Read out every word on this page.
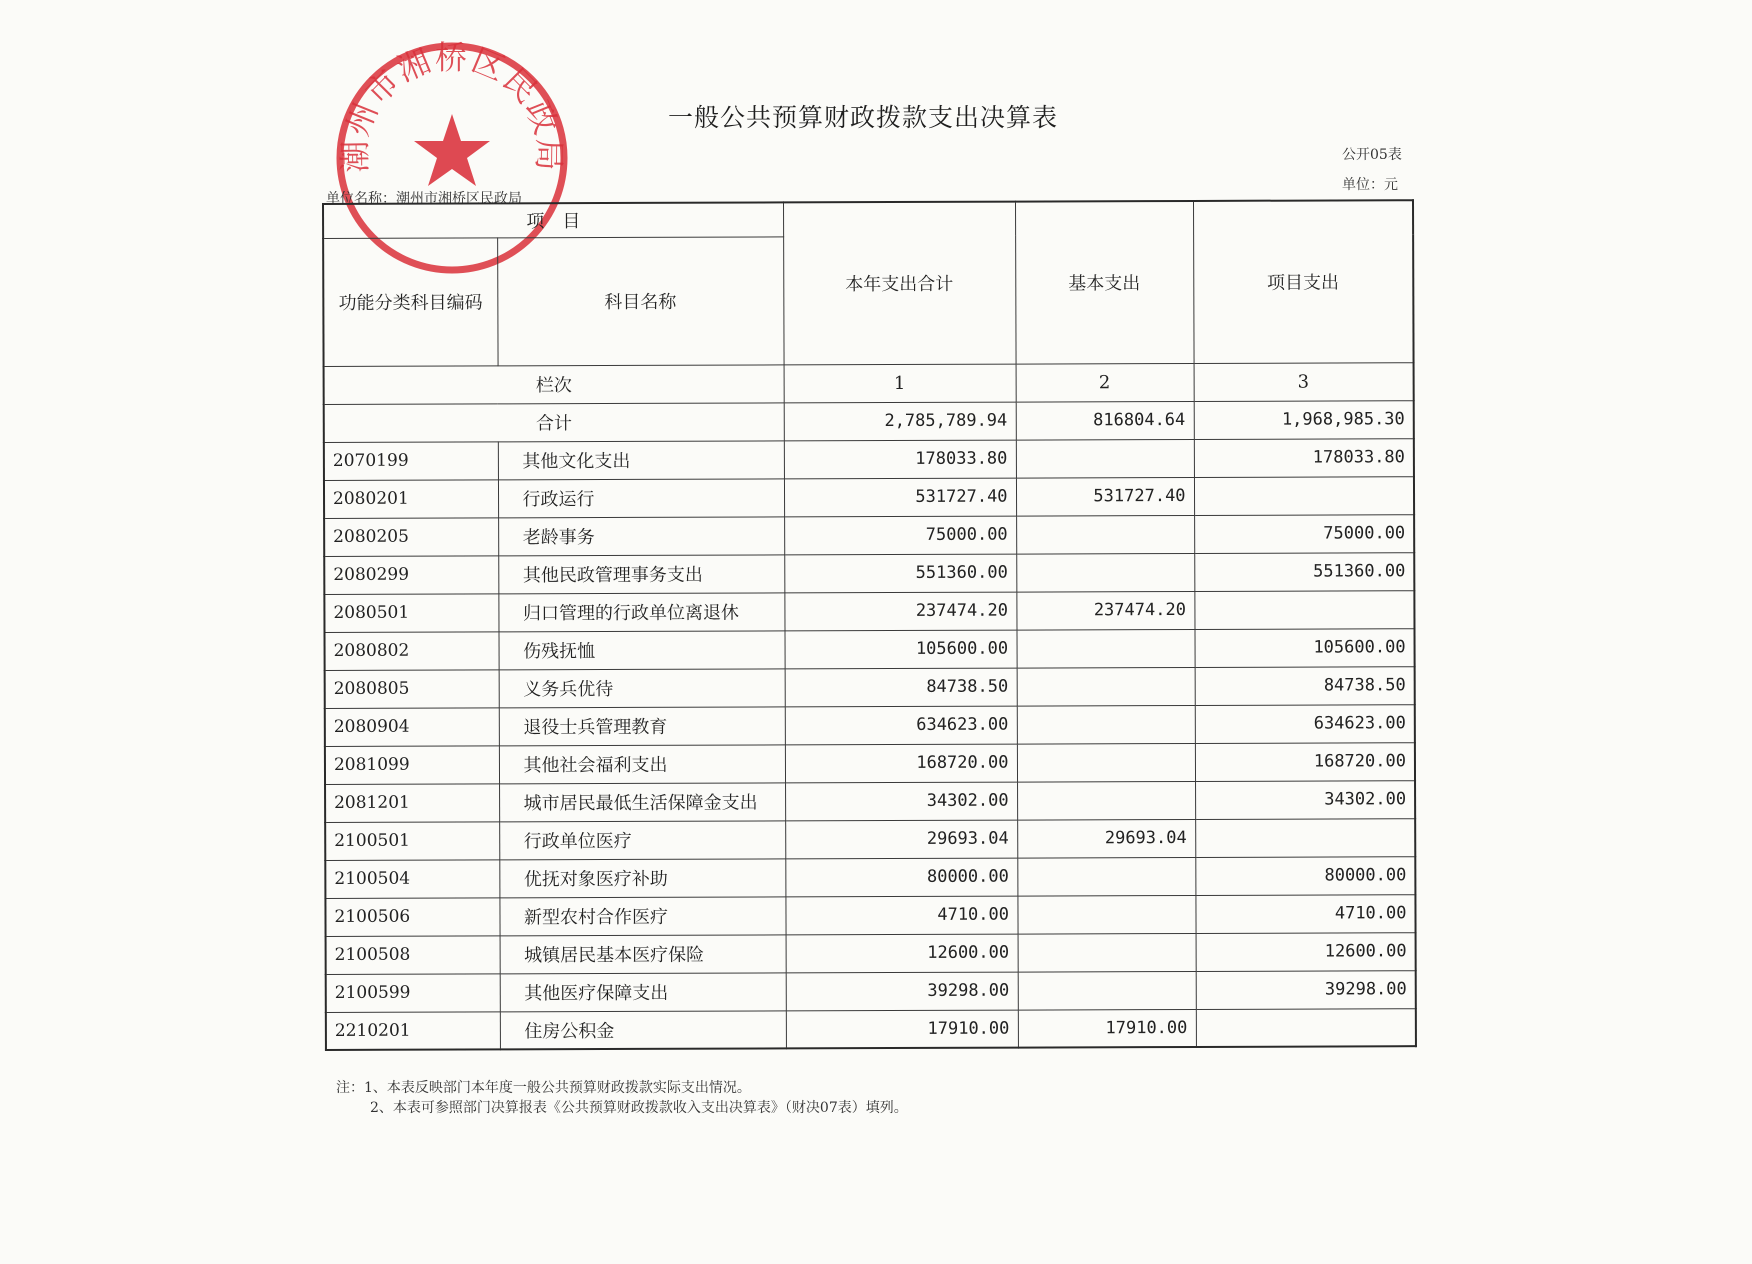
潮州市湘桥区民政局
一般公共预算财政拨款支出决算表
公开05表
单位：元
单位名称：潮州市湘桥区民政局
项　目		本年支出合计	基本支出	项目支出
功能分类科目编码	科目名称			
栏次		1	2	3
合计		2,785,789.94	816804.64	1,968,985.30
2070199	其他文化支出	178033.80		178033.80
2080201	行政运行	531727.40	531727.40	
2080205	老龄事务	75000.00		75000.00
2080299	其他民政管理事务支出	551360.00		551360.00
2080501	归口管理的行政单位离退休	237474.20	237474.20	
2080802	伤残抚恤	105600.00		105600.00
2080805	义务兵优待	84738.50		84738.50
2080904	退役士兵管理教育	634623.00		634623.00
2081099	其他社会福利支出	168720.00		168720.00
2081201	城市居民最低生活保障金支出	34302.00		34302.00
2100501	行政单位医疗	29693.04	29693.04	
2100504	优抚对象医疗补助	80000.00		80000.00
2100506	新型农村合作医疗	4710.00		4710.00
2100508	城镇居民基本医疗保险	12600.00		12600.00
2100599	其他医疗保障支出	39298.00		39298.00
2210201	住房公积金	17910.00	17910.00	
注：1、本表反映部门本年度一般公共预算财政拨款实际支出情况。
2、本表可参照部门决算报表《公共预算财政拨款收入支出决算表》（财决07表）填列。
